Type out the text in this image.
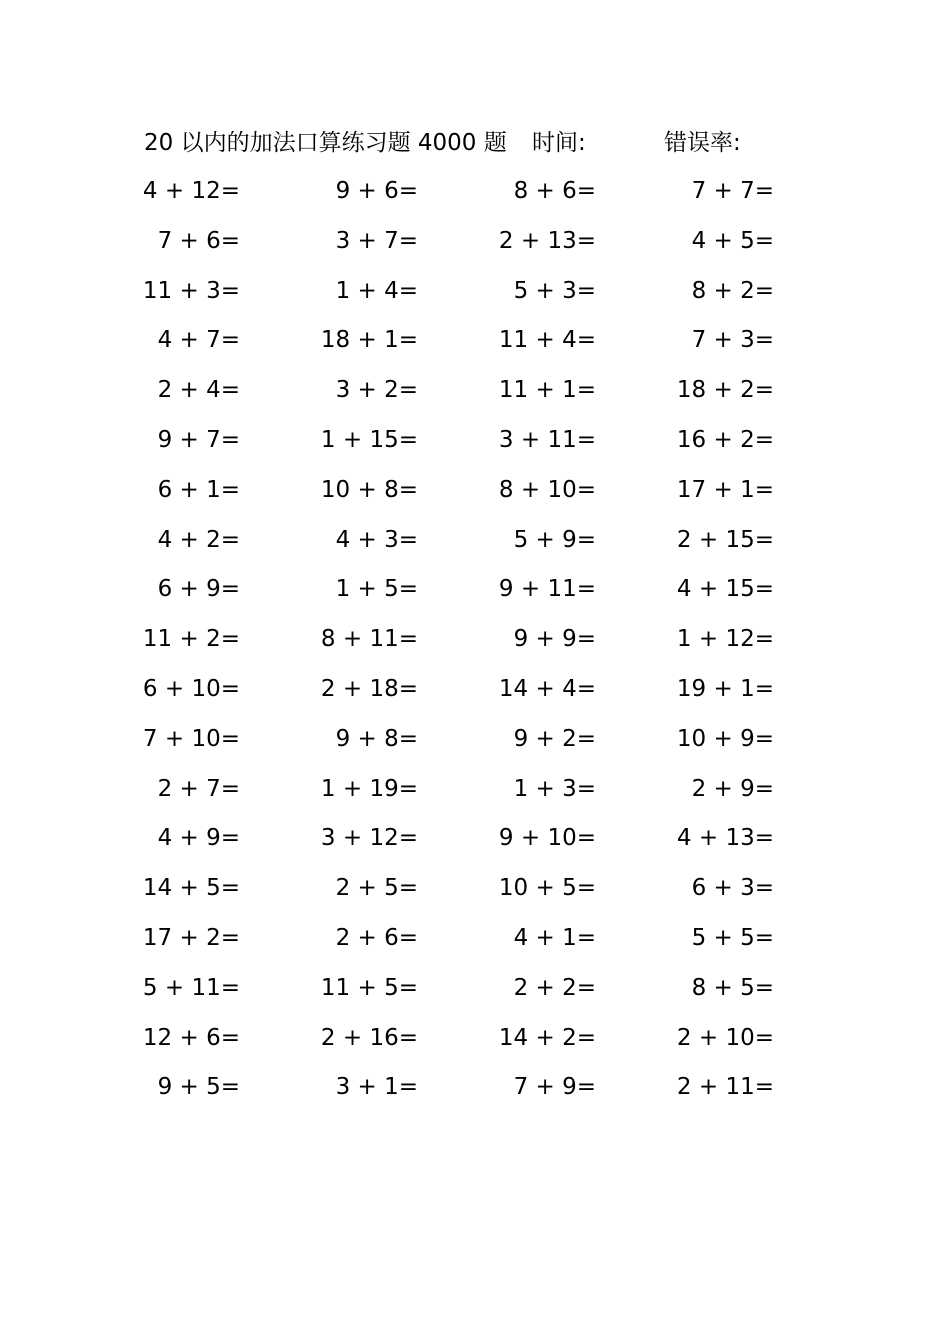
20 以内的加法口算练习题 4000 题 时间:	错误率:
4 + 12=	9 + 6=	8 + 6=	7 + 7=
7 + 6=	3 + 7=	2 + 13=	4 + 5=
11 + 3=	1 + 4=	5 + 3=	8 + 2=
4 + 7=	18 + 1=	11 + 4=	7 + 3=
2 + 4=	3 + 2=	11 + 1=	18 + 2=
9 + 7=	1 + 15=	3 + 11=	16 + 2=
6 + 1=	10 + 8=	8 + 10=	17 + 1=
4 + 2=	4 + 3=	5 + 9=	2 + 15=
6 + 9=	1 + 5=	9 + 11=	4 + 15=
11 + 2=	8 + 11=	9 + 9=	1 + 12=
6 + 10=	2 + 18=	14 + 4=	19 + 1=
7 + 10=	9 + 8=	9 + 2=	10 + 9=
2 + 7=	1 + 19=	1 + 3=	2 + 9=
4 + 9=	3 + 12=	9 + 10=	4 + 13=
14 + 5=	2 + 5=	10 + 5=	6 + 3=
17 + 2=	2 + 6=	4 + 1=	5 + 5=
5 + 11=	11 + 5=	2 + 2=	8 + 5=
12 + 6=	2 + 16=	14 + 2=	2 + 10=
9 + 5=	3 + 1=	7 + 9=	2 + 11=
